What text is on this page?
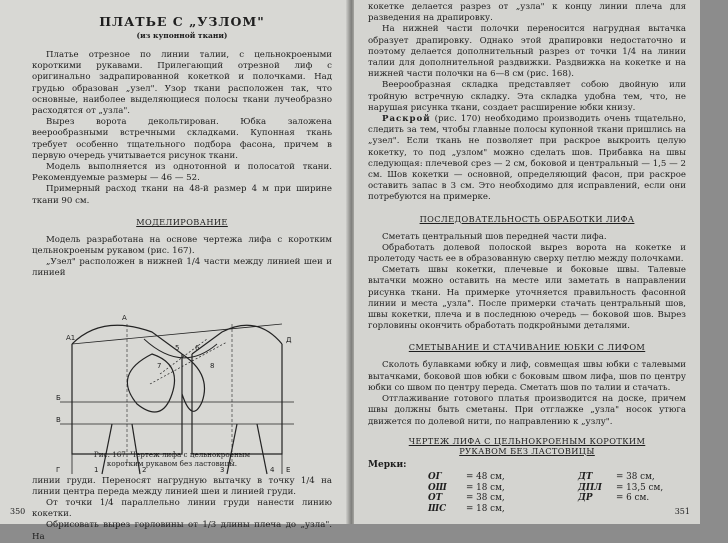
ПЛАТЬЕ С „УЗЛОМ"
(из купонной ткани)

Платье отрезное по линии талии, с цельнокроеными короткими рукавами. Прилегающий отрезной лиф с оригинально задрапированной кокеткой и полочками. Над грудью образован „узел". Узор ткани расположен так, что основные, наиболее выделяющиеся полосы ткани лучеобразно расходятся от „узла".

Вырез ворота декольтирован. Юбка заложена веерообразными встречными складками. Купонная ткань требует особенно тщательного подбора фасона, причем в первую очередь учитывается рисунок ткани.

Модель выполняется из однотонной и полосатой ткани. Рекомендуемые размеры — 46 — 52.

Примерный расход ткани на 48-й размер 4 м при ширине ткани 90 см.

МОДЕЛИРОВАНИЕ

Модель разработана на основе чертежа лифа с коротким цельнокроеным рукавом (рис. 167).

„Узел" расположен в нижней 1/4 части между линией шеи и линией

А1
А
Б
В
Г
Д
Е
1	2	3	4
5 6
7	8
Рис. 167. Чертеж лифа с цельнокроеным коротким рукавом без ластовицы.

линии груди. Переносят нагрудную вытачку в точку 1/4 на линии центра переда между линией шеи и линией груди.

От точки 1/4 параллельно линии груди нанести линию кокетки.

Обрисовать вырез горловины от 1/3 длины плеча до „узла". На

350

кокетке делается разрез от „узла" к концу линии плеча для разведения на драпировку.

На нижней части полочки переносится нагрудная вытачка образует драпировку. Однако этой драпировки недостаточно и поэтому делается дополнительный разрез от точки 1/4 на линии талии для дополнительной раздвижки. Раздвижка на кокетке и на нижней части полочки на 6—8 см (рис. 168).

Веерообразная складка представляет собою двойную или тройную встречную складку. Эта складка удобна тем, что, не нарушая рисунка ткани, создает расширение юбки книзу.

Раскрой (рис. 170) необходимо производить очень тщательно, следить за тем, чтобы главные полосы купонной ткани пришлись на „узел". Если ткань не позволяет при раскрое выкроить целую кокетку, то под „узлом" можно сделать шов. Прибавка на швы следующая: плечевой срез — 2 см, боковой и центральный — 1,5 — 2 см. Шов кокетки — основной, определяющий фасон, при раскрое оставить запас в 3 см. Это необходимо для исправлений, если они потребуются на примерке.

ПОСЛЕДОВАТЕЛЬНОСТЬ ОБРАБОТКИ ЛИФА

Сметать центральный шов передней части лифа.

Обработать долевой полоской вырез ворота на кокетке и пролетоду часть ее в образованную сверху петлю между полочками.

Сметать швы кокетки, плечевые и боковые швы. Талевые вытачки можно оставить на месте или заметать в направлении рисунка ткани. На примерке уточняется правильность фасонной линии и места „узла". После примерки стачать центральный шов, швы кокетки, плеча и в последнюю очередь — боковой шов. Вырез горловины окончить обработать подкройными деталями.

СМЕТЫВАНИЕ И СТАЧИВАНИЕ ЮБКИ С ЛИФОМ

Сколоть булавками юбку и лиф, совмещая швы юбки с талевыми вытачками, боковой шов юбки с боковым швом лифа, шов по центру юбки со швом по центру переда. Сметать шов по талии и стачать.

Отглаживание готового платья производится на доске, причем швы должны быть сметаны. При отглажке „узла" носок утюга движется по долевой нити, по направлению к „узлу".

ЧЕРТЕЖ ЛИФА С ЦЕЛЬНОКРОЕНЫМ КОРОТКИМ РУКАВОМ БЕЗ ЛАСТОВИЦЫ
Мерки:
ОГ	= 48 см,	ДТ	= 38 см,
ОШ	= 18 см,	ДПЛ	= 13,5 см,
ОТ	= 38 см,	ДР	= 6 см.
ШС	= 18 см,	351
